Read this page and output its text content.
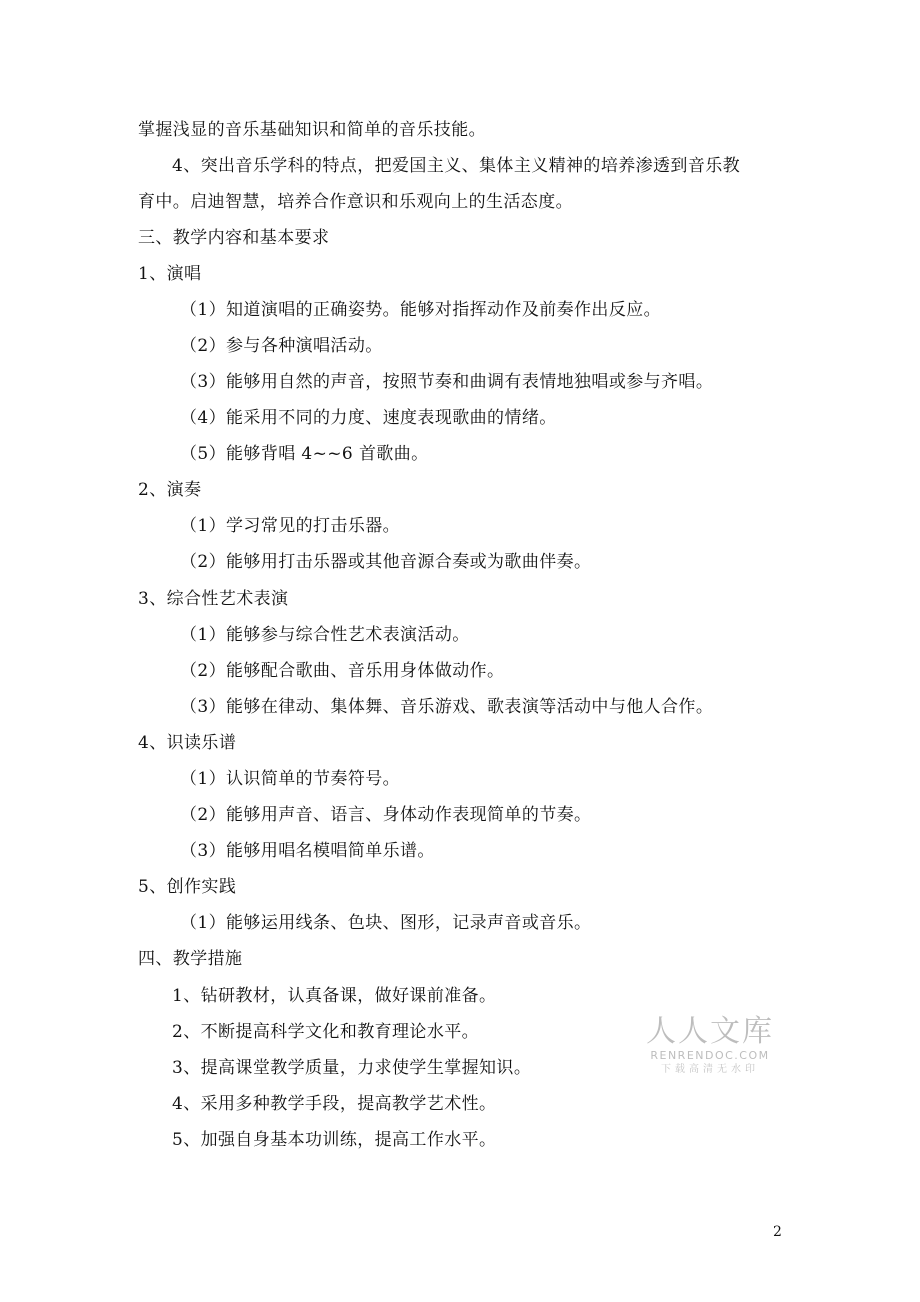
掌握浅显的音乐基础知识和简单的音乐技能。
4、突出音乐学科的特点，把爱国主义、集体主义精神的培养渗透到音乐教
育中。启迪智慧，培养合作意识和乐观向上的生活态度。
三、教学内容和基本要求
1、演唱
（1）知道演唱的正确姿势。能够对指挥动作及前奏作出反应。
（2）参与各种演唱活动。
（3）能够用自然的声音，按照节奏和曲调有表情地独唱或参与齐唱。
（4）能采用不同的力度、速度表现歌曲的情绪。
（5）能够背唱 4~~6 首歌曲。
2、演奏
（1）学习常见的打击乐器。
（2）能够用打击乐器或其他音源合奏或为歌曲伴奏。
3、综合性艺术表演
（1）能够参与综合性艺术表演活动。
（2）能够配合歌曲、音乐用身体做动作。
（3）能够在律动、集体舞、音乐游戏、歌表演等活动中与他人合作。
4、识读乐谱
（1）认识简单的节奏符号。
（2）能够用声音、语言、身体动作表现简单的节奏。
（3）能够用唱名模唱简单乐谱。
5、创作实践
（1）能够运用线条、色块、图形，记录声音或音乐。
四、教学措施
1、钻研教材，认真备课，做好课前准备。
2、不断提高科学文化和教育理论水平。
3、提高课堂教学质量，力求使学生掌握知识。
4、采用多种教学手段，提高教学艺术性。
5、加强自身基本功训练，提高工作水平。
人人文库
RENRENDOC.COM
下载高清无水印
2
